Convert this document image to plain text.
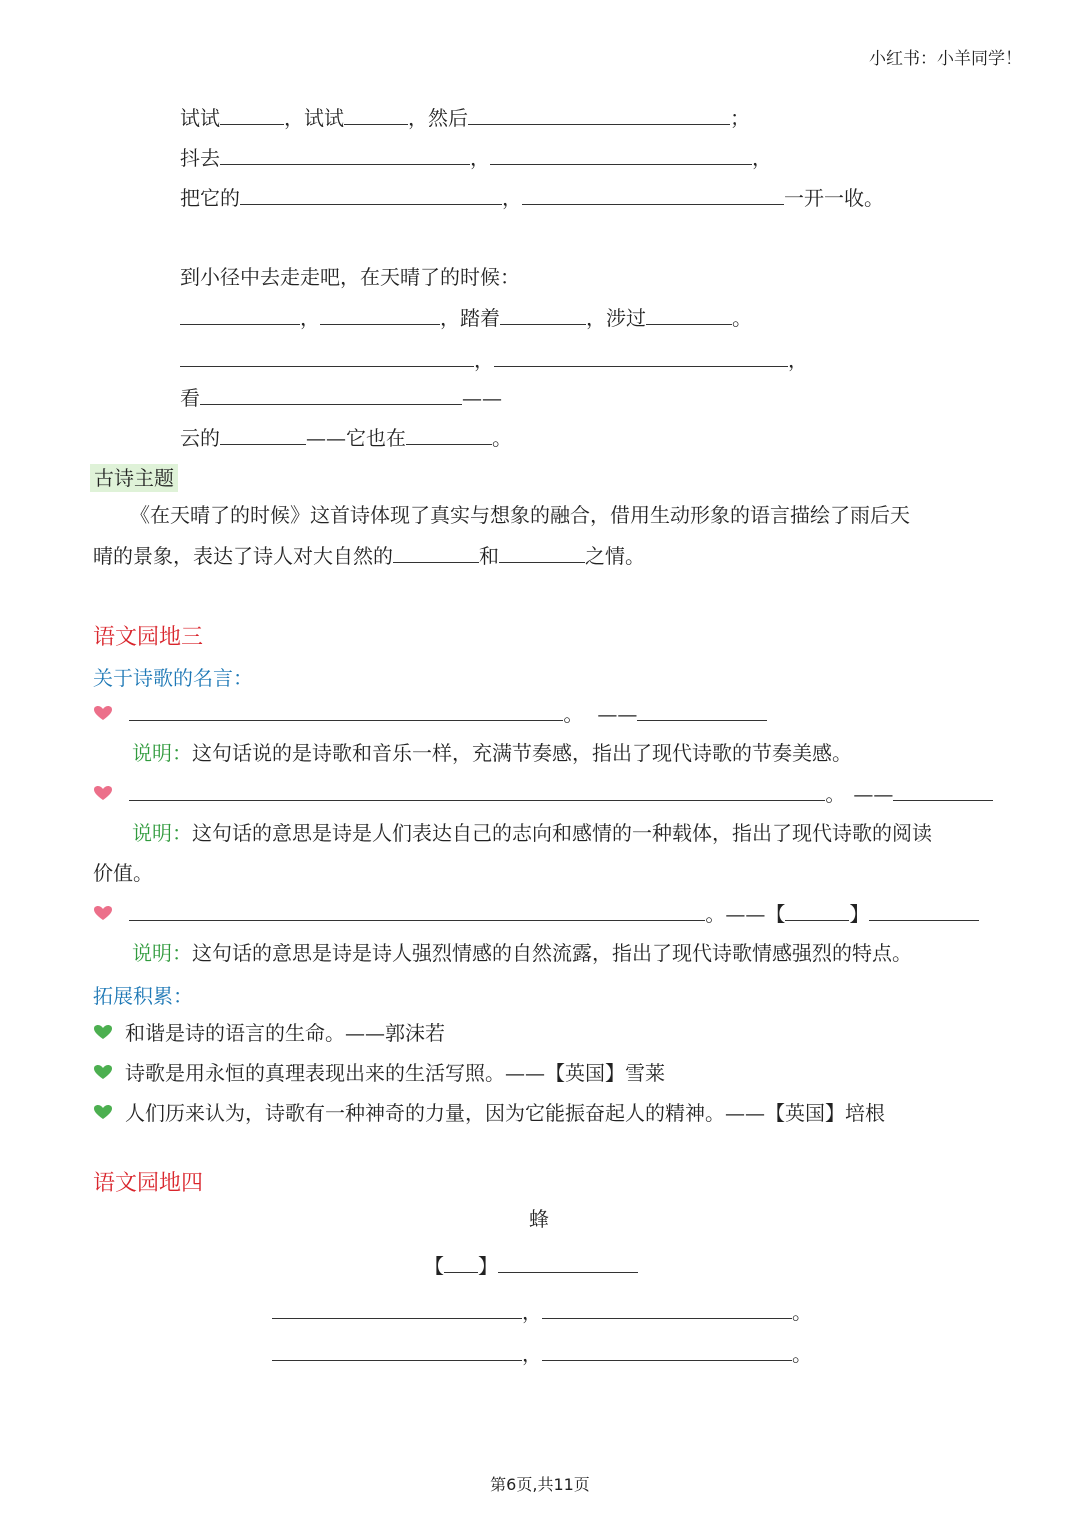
小红书：小羊同学！
试试	，试试	，然后	；
抖去	，	，
把它的	，	一开一收。
到小径中去走走吧，在天晴了的时候：
，	，踏着	，涉过	。
，	，
看	——
云的	——它也在	。
古诗主题
《在天晴了的时候》这首诗体现了真实与想象的融合，借用生动形象的语言描绘了雨后天
晴的景象，表达了诗人对大自然的	和	之情。
语文园地三
关于诗歌的名言：
。 ——
说明：这句话说的是诗歌和音乐一样，充满节奏感，指出了现代诗歌的节奏美感。
。 ——
说明：这句话的意思是诗是人们表达自己的志向和感情的一种载体，指出了现代诗歌的阅读
价值。
。——【	】
说明：这句话的意思是诗是诗人强烈情感的自然流露，指出了现代诗歌情感强烈的特点。
拓展积累：
和谐是诗的语言的生命。——郭沫若
诗歌是用永恒的真理表现出来的生活写照。——【英国】雪莱
人们历来认为，诗歌有一种神奇的力量，因为它能振奋起人的精神。——【英国】培根
语文园地四
蜂
【 】
，	。
，	。
第6页,共11页
